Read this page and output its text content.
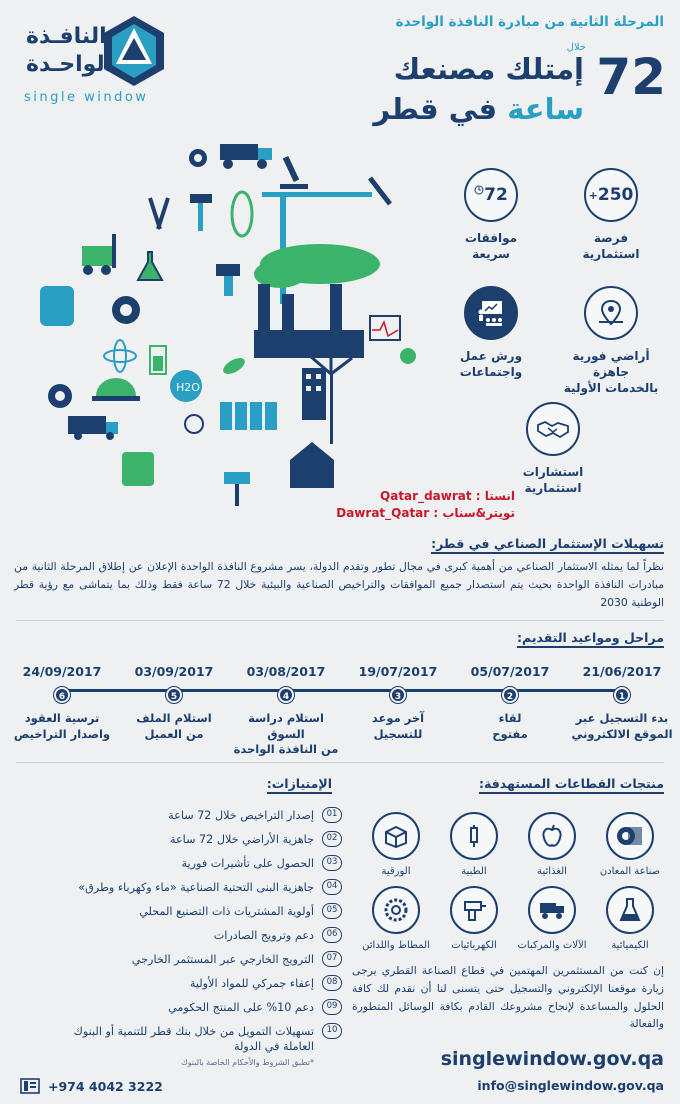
المرحلة الثانية من مبادرة النافذة الواحدة
خلال
72
إمتلك مصنعك
ساعة في قطر
النافـذة
الواحـدة
single window
250
+
فرصة
استثمارية
72
موافقات
سريعة
أراضي فورية جاهزة
بالخدمات الأولية
ورش عمل
واجتماعات
استشارات
استثمارية
H2O
انستا : Qatar_dawrat
تويتر&سناب : Dawrat_Qatar
تسهيلات الإستثمار الصناعي في قطر:
نظراً لما يمثله الاستثمار الصناعي من أهمية كبرى في مجال تطور وتقدم الدولة، يسر مشروع النافذة الواحدة الإعلان عن إطلاق المرحلة الثانية من مبادرات النافذة الواحدة بحيث يتم استصدار جميع الموافقات والتراخيص الصناعية والبيئية خلال 72 ساعة فقط وذلك بما يتماشى مع رؤية قطر الوطنية 2030
مراحل ومواعيد التقديم:
21/06/2017
1
بدء التسجيل عبر
الموقع الالكتروني
05/07/2017
2
لقاء
مفتوح
19/07/2017
3
آخر موعد
للتسجيل
03/08/2017
4
استلام دراسة السوق
من النافذة الواحدة
03/09/2017
5
استلام الملف
من العميل
24/09/2017
6
ترسية العقود
واصدار التراخيص
منتجات القطاعات المستهدفة:
صناعة المعادن
الغذائية
الطبية
الورقية
الكيميائية
الآلات والمركبات
الكهربائيات
المطاط واللدائن
إن كنت من المستثمرين المهتمين في قطاع الصناعة القطري يرجى زيارة موقعنا الإلكتروني والتسجيل حتى يتسنى لنا أن نقدم لك كافة الحلول والمساعدة لإنجاح مشروعك القادم بكافة الوسائل المتطورة والفعالة
الإمتيازات:
01
إصدار التراخيص خلال 72 ساعة
02
جاهزية الأراضي خلال 72 ساعة
03
الحصول على تأشيرات فورية
04
جاهزية البنى التحتية الصناعية «ماء وكهرباء وطرق»
05
أولوية المشتريات ذات التصنيع المحلي
06
دعم وترويج الصادرات
07
الترويج الخارجي عبر المستثمر الخارجي
08
إعفاء جمركي للمواد الأولية
09
دعم 10% على المنتج الحكومي
10
تسهيلات التمويل من خلال بنك قطر للتنمية أو البنوك
العاملة في الدولة
*تطبق الشروط والأحكام الخاصة بالبنوك	singlewindow.gov.qa
info@singlewindow.gov.qa
+974 4042 3222
